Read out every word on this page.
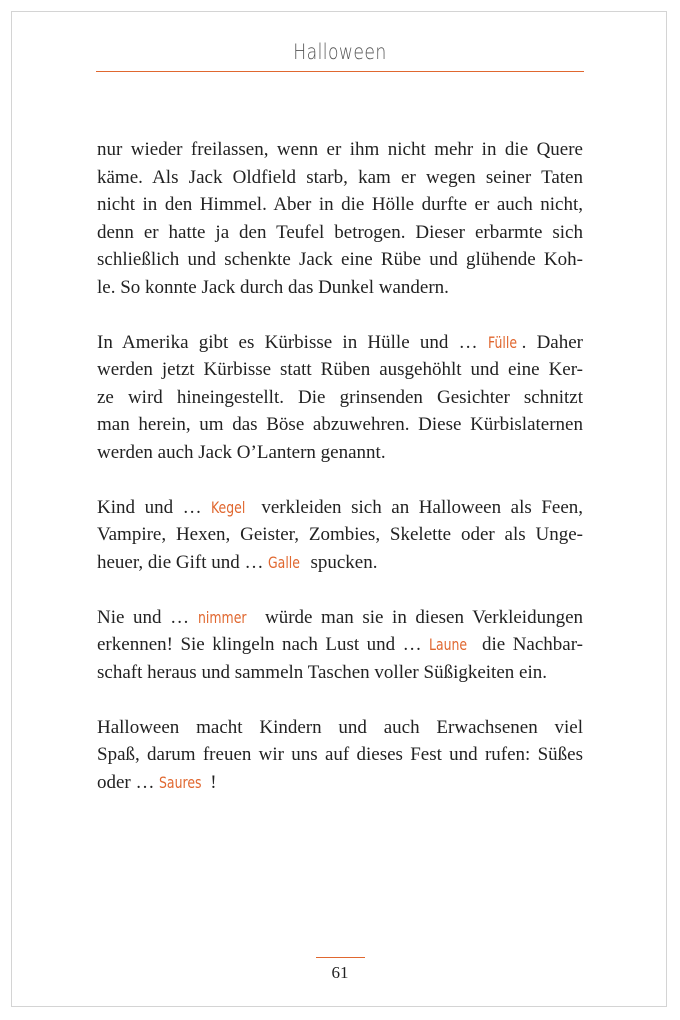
Halloween

nur wieder freilassen, wenn er ihm nicht mehr in die Quere
käme. Als Jack Oldfield starb, kam er wegen seiner Taten
nicht in den Himmel. Aber in die Hölle durfte er auch nicht,
denn er hatte ja den Teufel betrogen. Dieser erbarmte sich
schließlich und schenkte Jack eine Rübe und glühende Koh-
le. So konnte Jack durch das Dunkel wandern.

In Amerika gibt es Kürbisse in Hülle und … Fülle . Daher
werden jetzt Kürbisse statt Rüben ausgehöhlt und eine Ker-
ze wird hineingestellt. Die grinsenden Gesichter schnitzt
man herein, um das Böse abzuwehren. Diese Kürbislaternen
werden auch Jack O’Lantern genannt.

Kind und … Kegel verkleiden sich an Halloween als Feen,
Vampire, Hexen, Geister, Zombies, Skelette oder als Unge-
heuer, die Gift und … Galle spucken.

Nie und … nimmer würde man sie in diesen Verkleidungen
erkennen! Sie klingeln nach Lust und … Laune die Nachbar-
schaft heraus und sammeln Taschen voller Süßigkeiten ein.

Halloween macht Kindern und auch Erwachsenen viel
Spaß, darum freuen wir uns auf dieses Fest und rufen: Süßes
oder … Saures !

61
